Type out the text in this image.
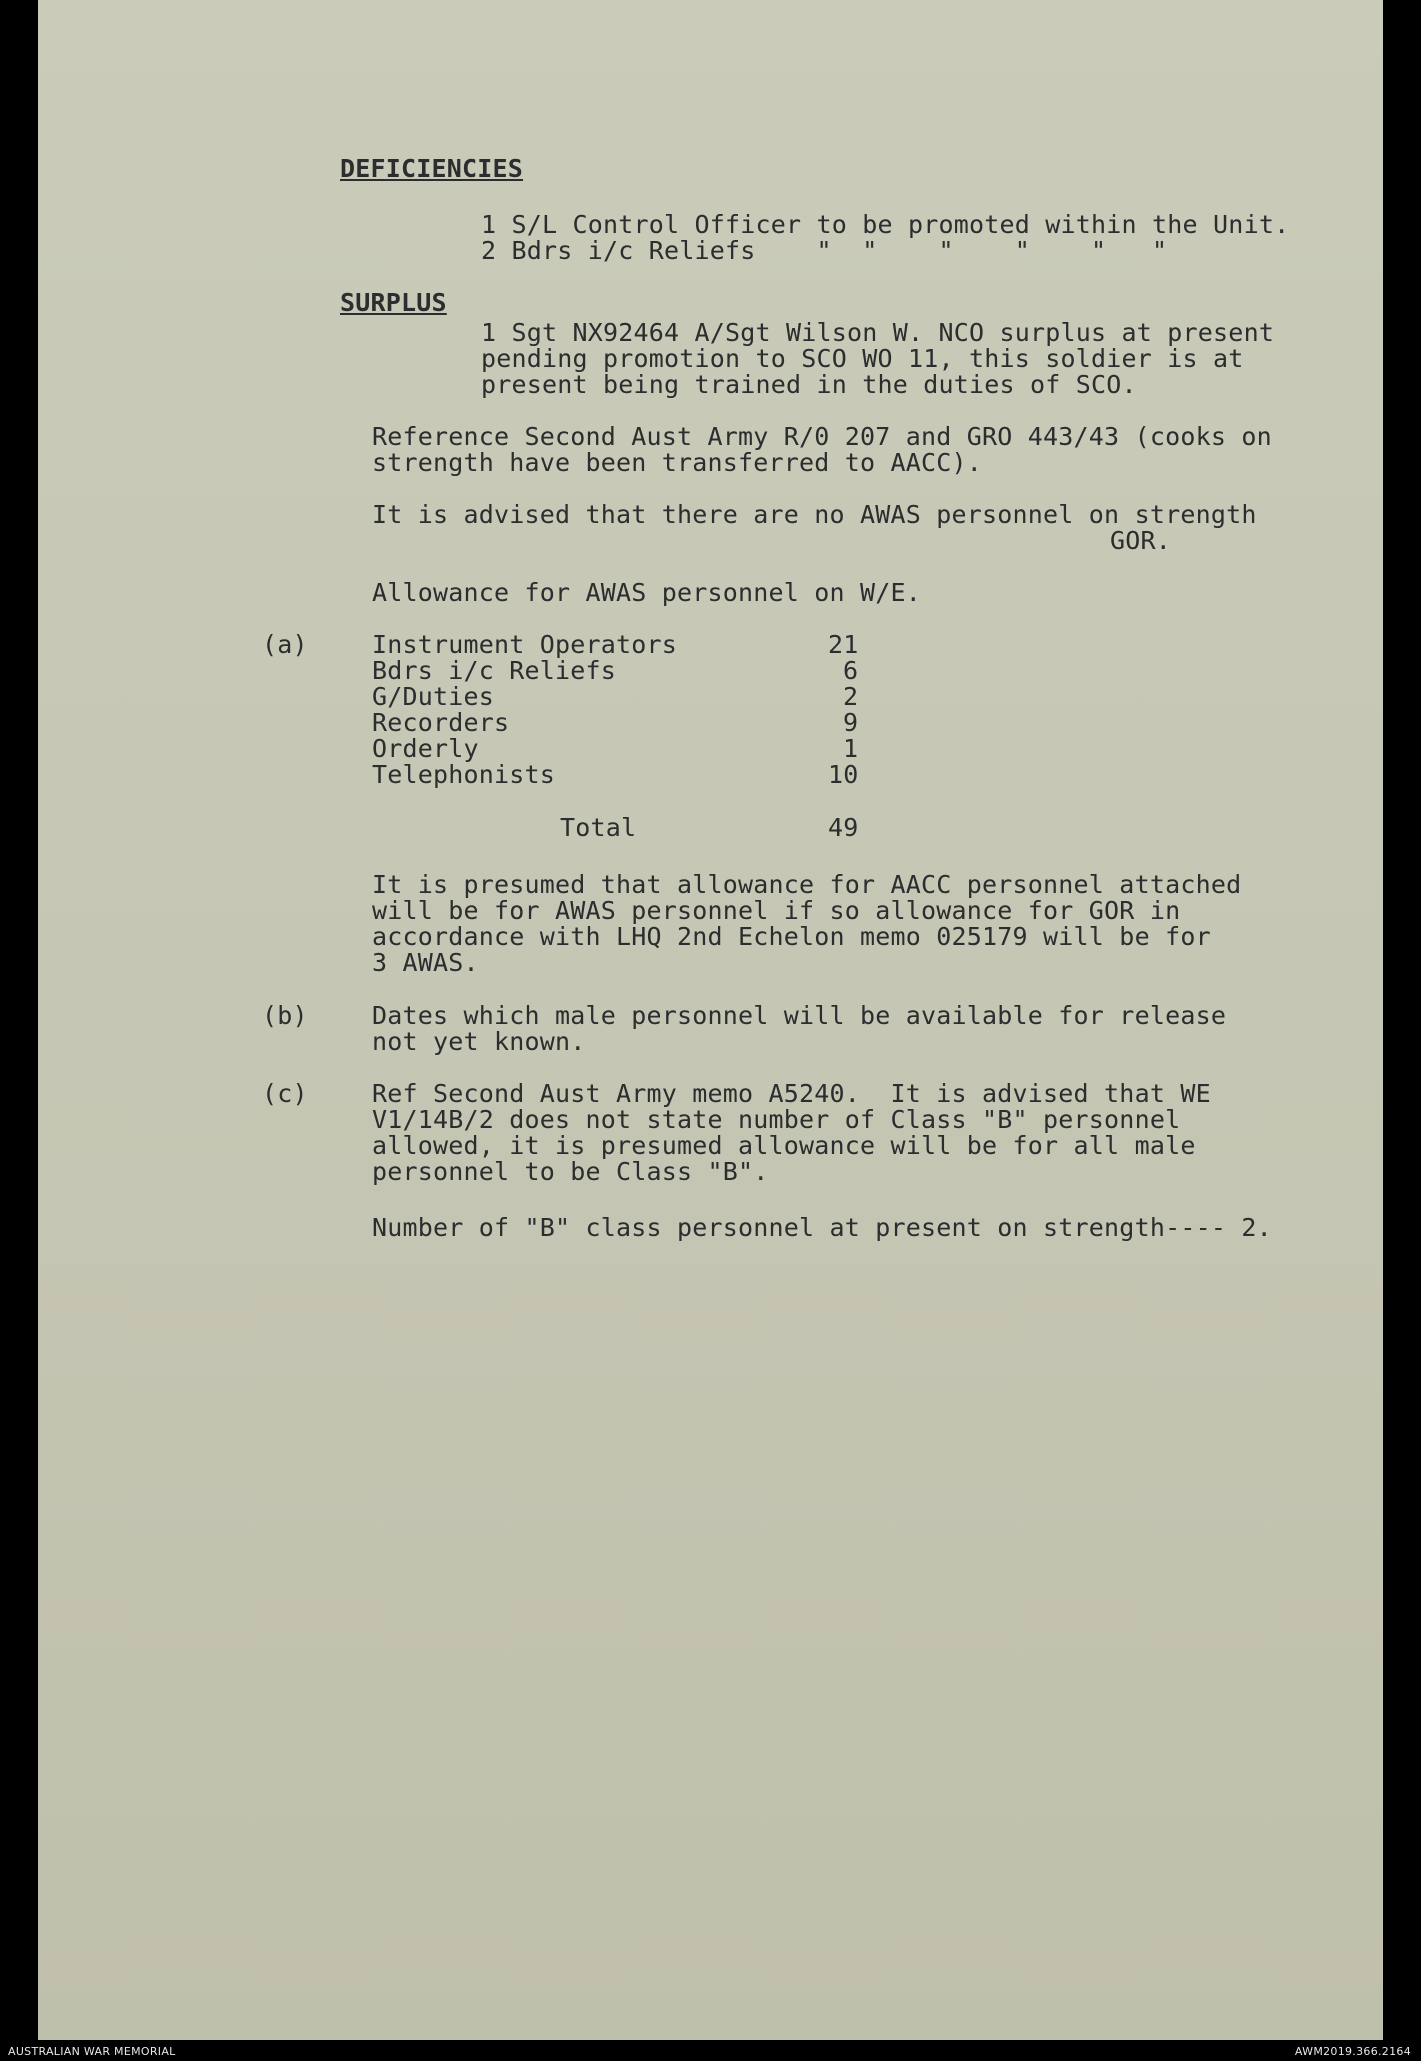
DEFICIENCIES
1 S/L Control Officer to be promoted within the Unit.
2 Bdrs i/c Reliefs    "  "    "    "    "   "
SURPLUS
1 Sgt NX92464 A/Sgt Wilson W. NCO surplus at present
pending promotion to SCO WO 11, this soldier is at
present being trained in the duties of SCO.
Reference Second Aust Army R/0 207 and GRO 443/43 (cooks on
strength have been transferred to AACC).
It is advised that there are no AWAS personnel on strength
GOR.
Allowance for AWAS personnel on W/E.
(a)	Instrument Operators	21
Bdrs i/c Reliefs	6
G/Duties	2
Recorders	9
Orderly	1
Telephonists	10
Total	49
It is presumed that allowance for AACC personnel attached
will be for AWAS personnel if so allowance for GOR in
accordance with LHQ 2nd Echelon memo 025179 will be for
3 AWAS.
(b)	Dates which male personnel will be available for release
not yet known.
(c)	Ref Second Aust Army memo A5240.  It is advised that WE
V1/14B/2 does not state number of Class "B" personnel
allowed, it is presumed allowance will be for all male
personnel to be Class "B".
Number of "B" class personnel at present on strength---- 2.
AUSTRALIAN WAR MEMORIAL	AWM2019.366.2164
